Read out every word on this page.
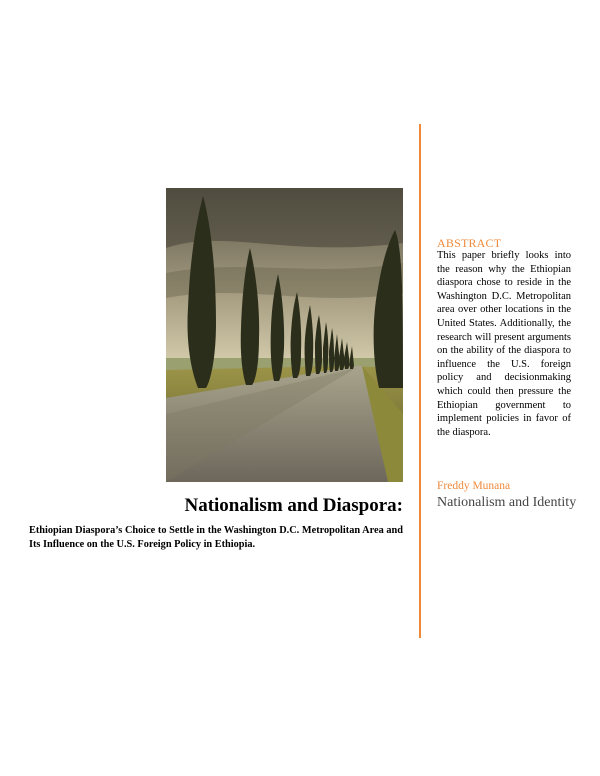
Nationalism and Diaspora:

Ethiopian Diaspora’s Choice to Settle in the Washington D.C. Metropolitan Area and Its Influence on the U.S. Foreign Policy in Ethiopia.

ABSTRACT

This paper briefly looks into the reason why the Ethiopian diaspora chose to reside in the Washington D.C. Metropolitan area over other locations in the United States. Additionally, the research will present arguments on the ability of the diaspora to influence the U.S. foreign policy and decisionmaking which could then pressure the Ethiopian government to implement policies in favor of the diaspora.

Freddy Munana

Nationalism and Identity
